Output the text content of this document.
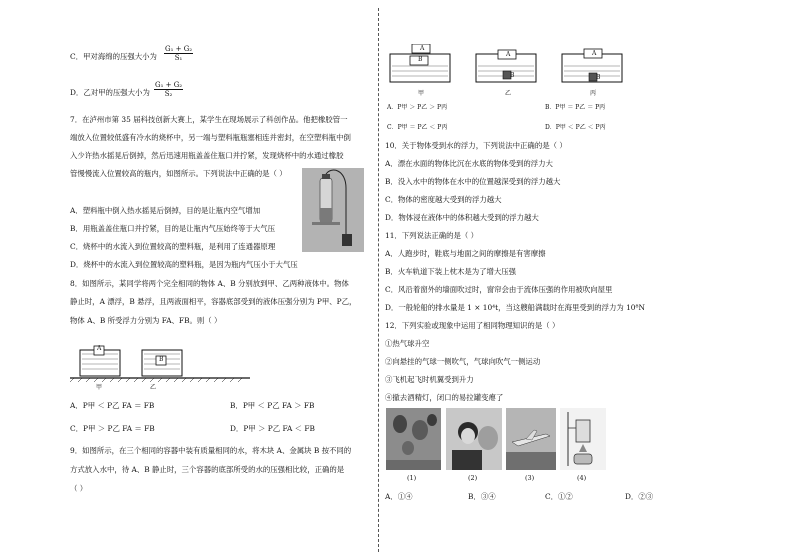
C．甲对海绵的压强大小为 $\frac{\text{G₁ + G₂}}{\text{S₁}}$
D．乙对甲的压强大小为 $\frac{\text{G₁ + G₂}}{\text{S₂}}$
7．在泸州市第 35 届科技创新大赛上，某学生在现场展示了科创作品。他把橡胶管一
端放入位置较低盛有冷水的烧杯中，另一端与塑料瓶瓶塞相连并密封，在空塑料瓶中倒
入少许热水摇晃后倒掉，然后迅速用瓶盖盖住瓶口并拧紧，发现烧杯中的水通过橡胶
管慢慢流入位置较高的瓶内，如图所示。下列说法中正确的是（ ）
A．塑料瓶中倒入热水摇晃后倒掉，目的是让瓶内空气增加
B．用瓶盖盖住瓶口并拧紧，目的是让瓶内气压始终等于大气压
C．烧杯中的水流入到位置较高的塑料瓶，是利用了连通器原理
D．烧杯中的水流入到位置较高的塑料瓶，是因为瓶内气压小于大气压
8．如图所示，某同学将两个完全相同的物体 A、B 分别放到甲、乙两种液体中。物体
静止时，A 漂浮，B 悬浮，且两液面相平，容器底部受到的液体压强分别为 P甲、P乙，
物体 A、B 所受浮力分别为 FA、FB。则（ ）
A
B
甲	乙
A．P甲 ＜ P乙 FA ＝ FB	B．P甲 ＜ P乙 FA ＞ FB
C．P甲 ＞ P乙 FA ＝ FB	D．P甲 ＞ P乙 FA ＜ FB
9．如图所示，在三个相同的容器中装有质量相同的水，将木块 A、金属块 B 按不同的
方式放入水中，待 A、B 静止时，三个容器的底部所受的水的压强相比较，正确的是
（ ）
A
B
A
B
A
B
甲	乙	丙
A．P甲 ＞ P乙 ＞ P丙	B．P甲 ＝ P乙 ＝ P丙
C．P甲 ＝ P乙 ＜ P丙	D．P甲 ＜ P乙 ＜ P丙
10．关于物体受到水的浮力，下列说法中正确的是（ ）
A．漂在水面的物体比沉在水底的物体受到的浮力大
B．没入水中的物体在水中的位置越深受到的浮力越大
C．物体的密度越大受到的浮力越大
D．物体浸在液体中的体积越大受到的浮力越大
11．下列说法正确的是（ ）
A．人跑步时，鞋底与地面之间的摩擦是有害摩擦
B．火车轨道下装上枕木是为了增大压强
C．风沿着窗外的墙面吹过时，窗帘会由于流体压强的作用被吹向屋里
D．一般轮船的排水量是 1 × 10⁴t，当这艘船满载时在海里受到的浮力为 10⁸N
12．下列实验或现象中运用了相同物理知识的是（ ）
①热气球升空
②向悬挂的气球一侧吹气，气球向吹气一侧运动
③飞机起飞时机翼受到升力
④撤去酒精灯，闭口的易拉罐变瘪了
(1)	(2)	(3)	(4)
A．①④	B．③④	C．①②	D．②③
